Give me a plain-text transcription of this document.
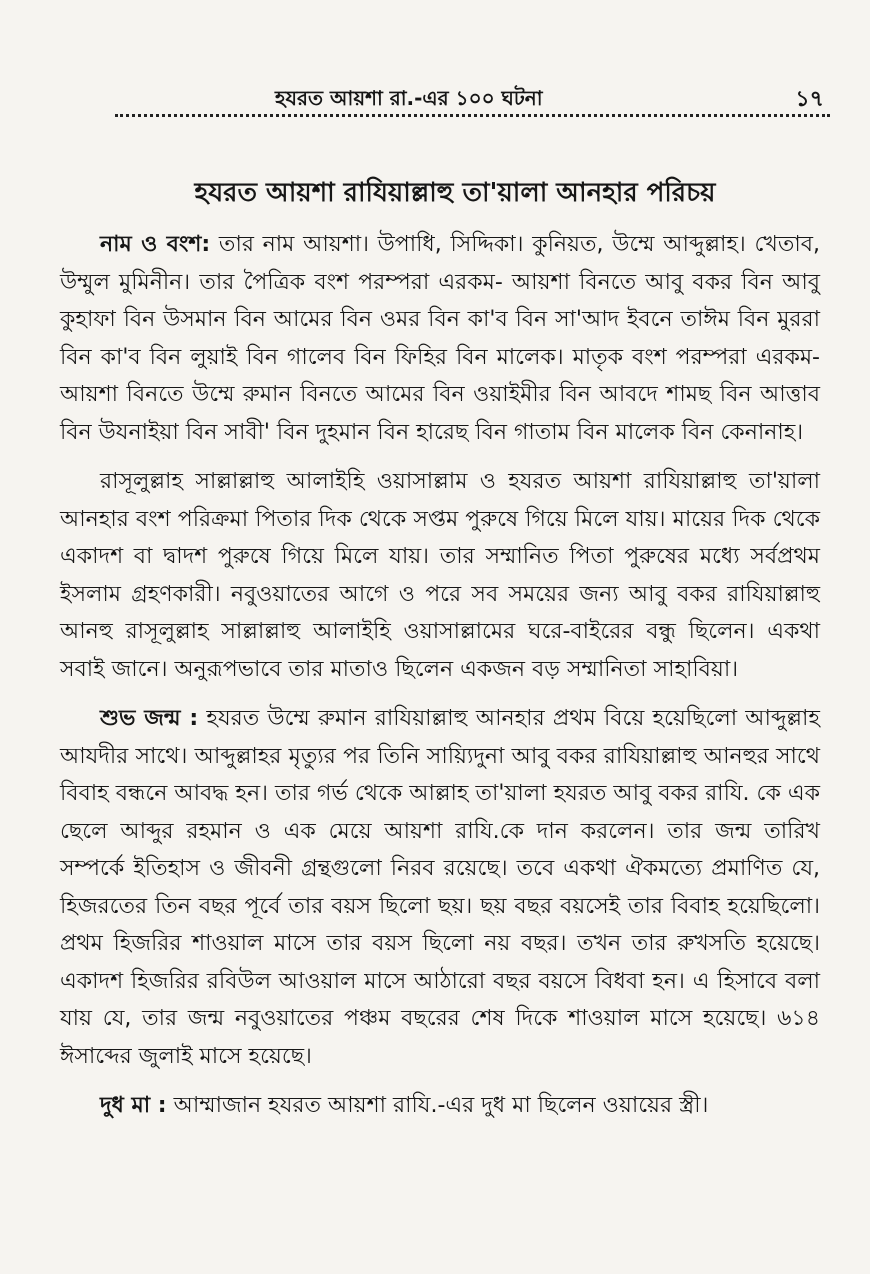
হযরত আয়শা রা.-এর ১০০ ঘটনা	১৭
হযরত আয়শা রাযিয়াল্লাহু তা'য়ালা আনহার পরিচয়

নাম ও বংশ: তার নাম আয়শা। উপাধি, সিদ্দিকা। কুনিয়ত, উম্মে আব্দুল্লাহ। খেতাব, উম্মুল মুমিনীন। তার পৈত্রিক বংশ পরম্পরা এরকম- আয়শা বিনতে আবু বকর বিন আবু কুহাফা বিন উসমান বিন আমের বিন ওমর বিন কা'ব বিন সা'আদ ইবনে তাঈম বিন মুররা বিন কা'ব বিন লুয়াই বিন গালেব বিন ফিহির বিন মালেক। মাতৃক বংশ পরম্পরা এরকম- আয়শা বিনতে উম্মে রুমান বিনতে আমের বিন ওয়াইমীর বিন আবদে শামছ বিন আত্তাব বিন উযনাইয়া বিন সাবী' বিন দুহমান বিন হারেছ বিন গাতাম বিন মালেক বিন কেনানাহ।

রাসূলুল্লাহ সাল্লাল্লাহু আলাইহি ওয়াসাল্লাম ও হযরত আয়শা রাযিয়াল্লাহু তা'য়ালা আনহার বংশ পরিক্রমা পিতার দিক থেকে সপ্তম পুরুষে গিয়ে মিলে যায়। মায়ের দিক থেকে একাদশ বা দ্বাদশ পুরুষে গিয়ে মিলে যায়। তার সম্মানিত পিতা পুরুষের মধ্যে সর্বপ্রথম ইসলাম গ্রহণকারী। নবুওয়াতের আগে ও পরে সব সময়ের জন্য আবু বকর রাযিয়াল্লাহু আনহু রাসূলুল্লাহ সাল্লাল্লাহু আলাইহি ওয়াসাল্লামের ঘরে-বাইরের বন্ধু ছিলেন। একথা সবাই জানে। অনুরূপভাবে তার মাতাও ছিলেন একজন বড় সম্মানিতা সাহাবিয়া।

শুভ জন্ম : হযরত উম্মে রুমান রাযিয়াল্লাহু আনহার প্রথম বিয়ে হয়েছিলো আব্দুল্লাহ আযদীর সাথে। আব্দুল্লাহর মৃত্যুর পর তিনি সায়্যিদুনা আবু বকর রাযিয়াল্লাহু আনহুর সাথে বিবাহ বন্ধনে আবদ্ধ হন। তার গর্ভ থেকে আল্লাহ তা'য়ালা হযরত আবু বকর রাযি. কে এক ছেলে আব্দুর রহমান ও এক মেয়ে আয়শা রাযি.কে দান করলেন। তার জন্ম তারিখ সম্পর্কে ইতিহাস ও জীবনী গ্রন্থগুলো নিরব রয়েছে। তবে একথা ঐকমত্যে প্রমাণিত যে, হিজরতের তিন বছর পূর্বে তার বয়স ছিলো ছয়। ছয় বছর বয়সেই তার বিবাহ হয়েছিলো। প্রথম হিজরির শাওয়াল মাসে তার বয়স ছিলো নয় বছর। তখন তার রুখসতি হয়েছে। একাদশ হিজরির রবিউল আওয়াল মাসে আঠারো বছর বয়সে বিধবা হন। এ হিসাবে বলা যায় যে, তার জন্ম নবুওয়াতের পঞ্চম বছরের শেষ দিকে শাওয়াল মাসে হয়েছে। ৬১৪ ঈসাব্দের জুলাই মাসে হয়েছে।

দুধ মা : আম্মাজান হযরত আয়শা রাযি.-এর দুধ মা ছিলেন ওয়ায়ের স্ত্রী।
